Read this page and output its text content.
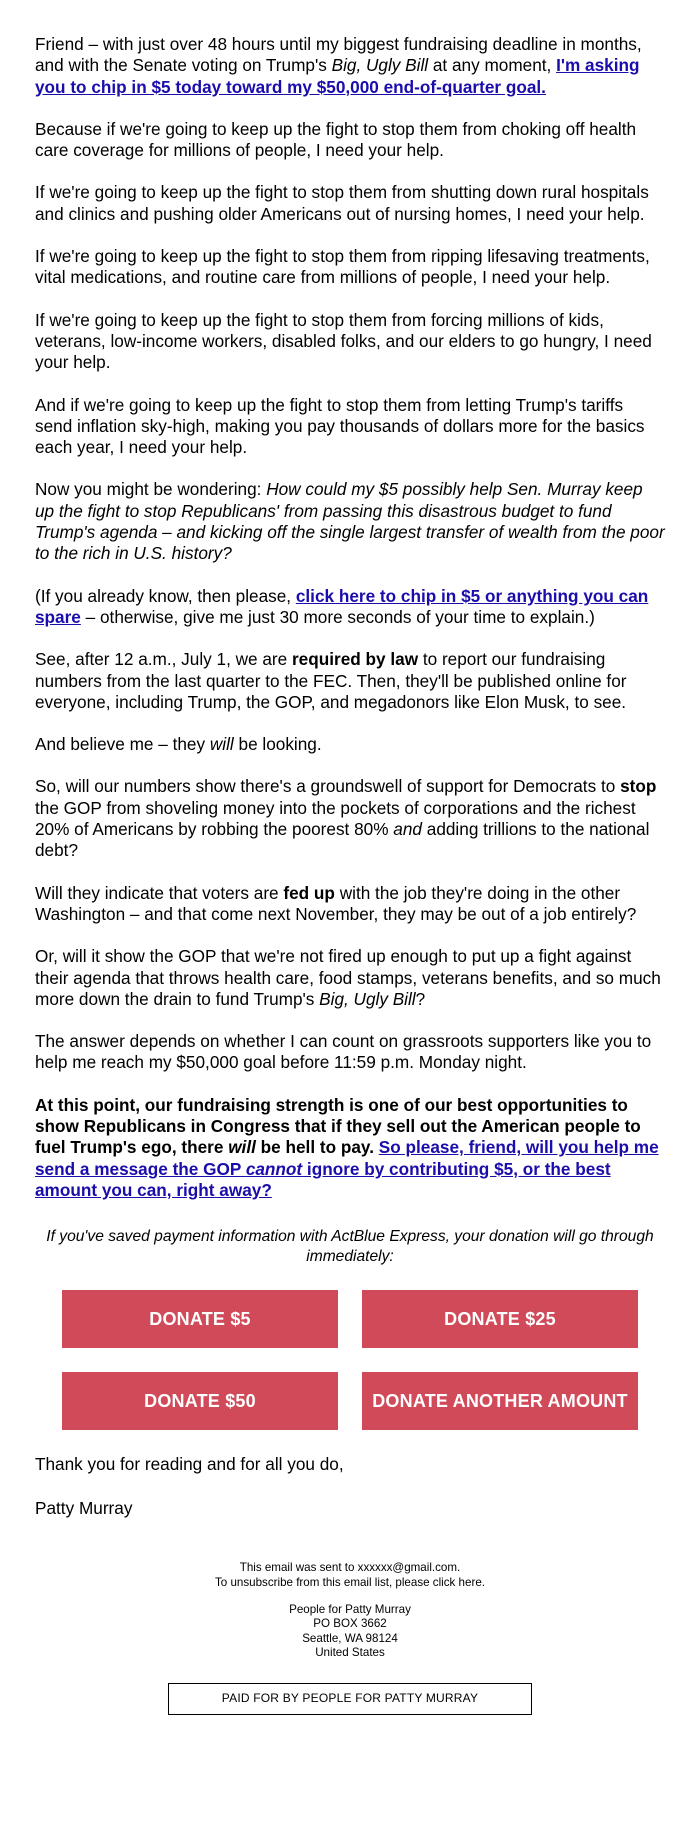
Friend – with just over 48 hours until my biggest fundraising deadline in months, and with the Senate voting on Trump's Big, Ugly Bill at any moment, I'm asking you to chip in $5 today toward my $50,000 end-of-quarter goal.

Because if we're going to keep up the fight to stop them from choking off health care coverage for millions of people, I need your help.

If we're going to keep up the fight to stop them from shutting down rural hospitals and clinics and pushing older Americans out of nursing homes, I need your help.

If we're going to keep up the fight to stop them from ripping lifesaving treatments, vital medications, and routine care from millions of people, I need your help.

If we're going to keep up the fight to stop them from forcing millions of kids, veterans, low-income workers, disabled folks, and our elders to go hungry, I need your help.

And if we're going to keep up the fight to stop them from letting Trump's tariffs send inflation sky-high, making you pay thousands of dollars more for the basics each year, I need your help.

Now you might be wondering: How could my $5 possibly help Sen. Murray keep up the fight to stop Republicans' from passing this disastrous budget to fund Trump's agenda – and kicking off the single largest transfer of wealth from the poor to the rich in U.S. history?

(If you already know, then please, click here to chip in $5 or anything you can spare – otherwise, give me just 30 more seconds of your time to explain.)

See, after 12 a.m., July 1, we are required by law to report our fundraising numbers from the last quarter to the FEC. Then, they'll be published online for everyone, including Trump, the GOP, and megadonors like Elon Musk, to see.

And believe me – they will be looking.

So, will our numbers show there's a groundswell of support for Democrats to stop the GOP from shoveling money into the pockets of corporations and the richest 20% of Americans by robbing the poorest 80% and adding trillions to the national debt?

Will they indicate that voters are fed up with the job they're doing in the other Washington – and that come next November, they may be out of a job entirely?

Or, will it show the GOP that we're not fired up enough to put up a fight against their agenda that throws health care, food stamps, veterans benefits, and so much more down the drain to fund Trump's Big, Ugly Bill?

The answer depends on whether I can count on grassroots supporters like you to help me reach my $50,000 goal before 11:59 p.m. Monday night.

At this point, our fundraising strength is one of our best opportunities to show Republicans in Congress that if they sell out the American people to fuel Trump's ego, there will be hell to pay. So please, friend, will you help me send a message the GOP cannot ignore by contributing $5, or the best amount you can, right away?

If you've saved payment information with ActBlue Express, your donation will go through immediately:
DONATE $5	DONATE $25
DONATE $50	DONATE ANOTHER AMOUNT

Thank you for reading and for all you do,

Patty Murray

This email was sent to xxxxxx@gmail.com.
To unsubscribe from this email list, please click here.
People for Patty Murray
PO BOX 3662
Seattle, WA 98124
United States
PAID FOR BY PEOPLE FOR PATTY MURRAY
